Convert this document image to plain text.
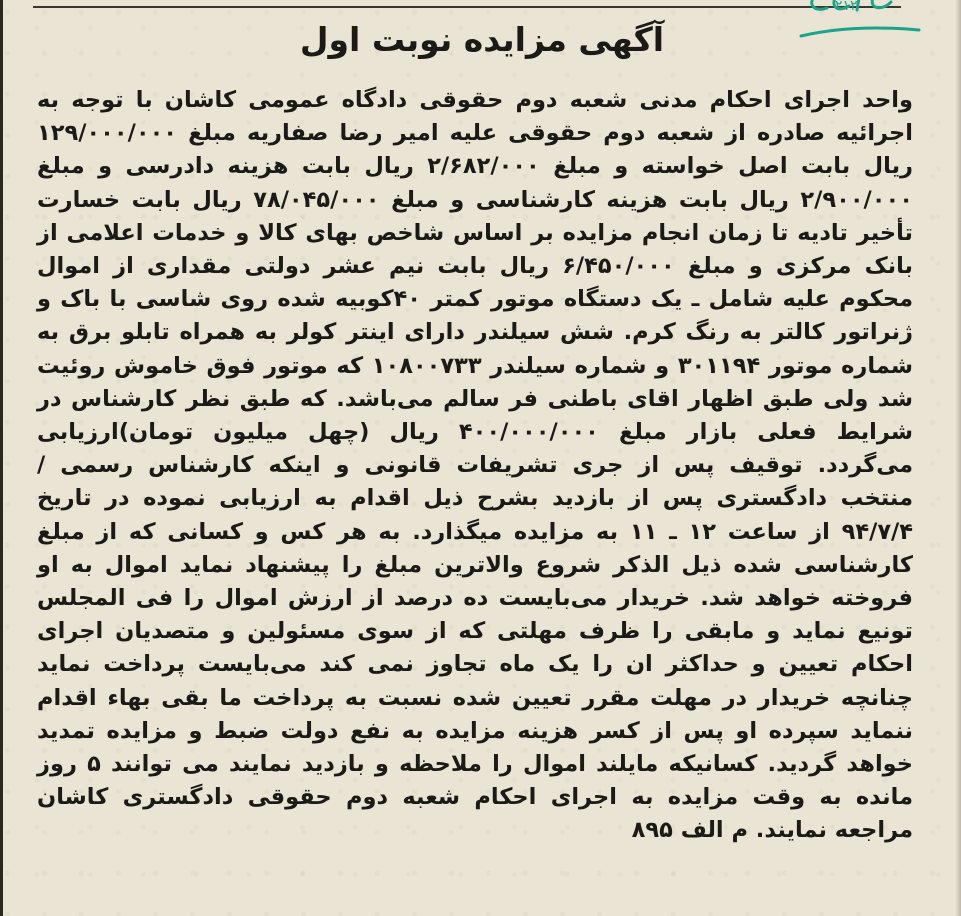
۲۱۲
آگهی مزایده نوبت اول
واحد اجرای احکام مدنی شعبه دوم حقوقی دادگاه عمومی کاشان با توجه به اجرائیه صادره از شعبه دوم حقوقی علیه امیر رضا صفاریه مبلغ ۱۲۹/۰۰۰/۰۰۰ ریال بابت اصل خواسته و مبلغ ۲/۶۸۲/۰۰۰ ریال بابت هزینه دادرسی و مبلغ ۲/۹۰۰/۰۰۰ ریال بابت هزینه کارشناسی و مبلغ ۷۸/۰۴۵/۰۰۰ ریال بابت خسارت تأخیر تادیه تا زمان انجام مزایده بر اساس شاخص بهای کالا و خدمات اعلامی از بانک مرکزی و مبلغ ۶/۴۵۰/۰۰۰ ریال بابت نیم عشر دولتی مقداری از اموال محکوم علیه شامل ـ یک دستگاه موتور کمتر ۴۰کوبیه شده روی شاسی با باک و ژنراتور کالتر به رنگ کرم. شش سیلندر دارای اینتر کولر به همراه تابلو برق به شماره موتور ۳۰۱۱۹۴ و شماره سیلندر ۱۰۸۰۰۷۳۳ که موتور فوق خاموش روئیت شد ولی طبق اظهار اقای باطنی فر سالم می‌باشد. که طبق نظر کارشناس در شرایط فعلی بازار مبلغ ۴۰۰/۰۰۰/۰۰۰ ریال (چهل میلیون تومان)ارزیابی می‌گردد. توقیف پس از جری تشریفات قانونی و اینکه کارشناس رسمی / منتخب دادگستری پس از بازدید بشرح ذیل اقدام به ارزیابی نموده در تاریخ ۹۴/۷/۴ از ساعت ۱۲ ـ ۱۱ به مزایده میگذارد. به هر کس و کسانی که از مبلغ کارشناسی شده ذیل الذکر شروع والاترین مبلغ را پیشنهاد نماید اموال به او فروخته خواهد شد. خریدار می‌بایست ده درصد از ارزش اموال را فی المجلس تونیع نماید و مابقی را ظرف مهلتی که از سوی مسئولین و متصدیان اجرای احکام تعیین و حداکثر ان را یک ماه تجاوز نمی کند می‌بایست پرداخت نماید چنانچه خریدار در مهلت مقرر تعیین شده نسبت به پرداخت ما بقی بهاء اقدام ننماید سپرده او پس از کسر هزینه مزایده به نفع دولت ضبط و مزایده تمدید خواهد گردید. کسانیکه مایلند اموال را ملاحظه و بازدید نمایند می توانند ۵ روز مانده به وقت مزایده به اجرای احکام شعبه دوم حقوقی دادگستری کاشان مراجعه نمایند. م الف ۸۹۵
